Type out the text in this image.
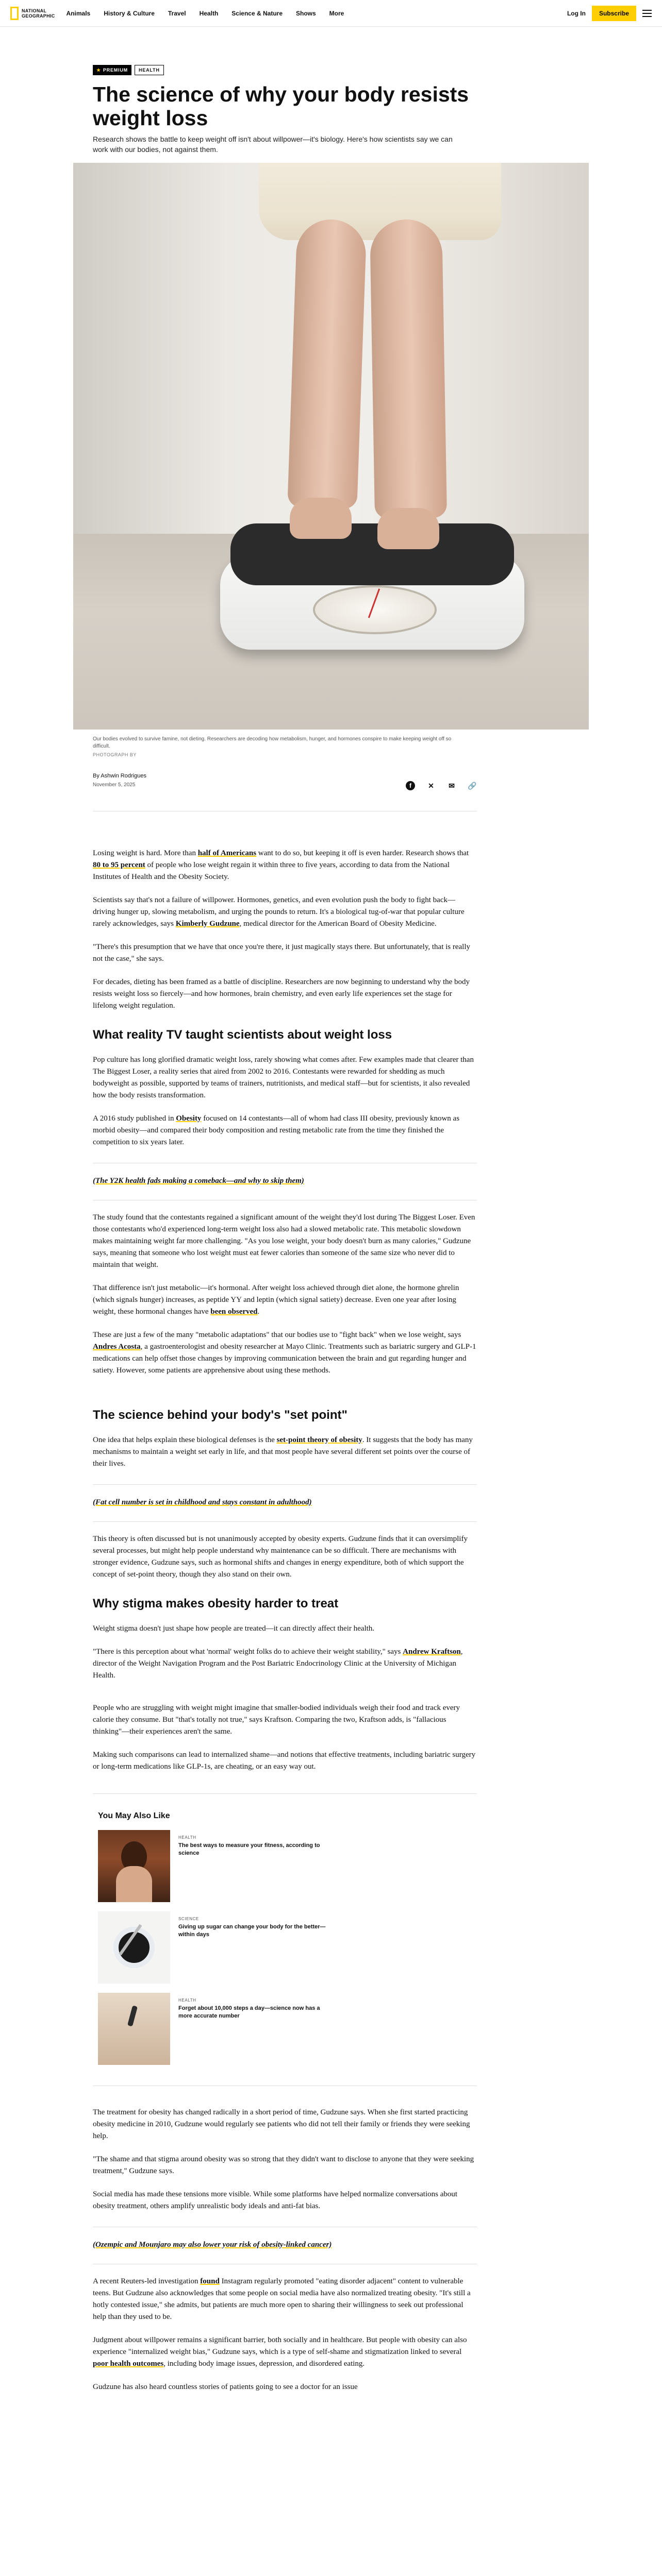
NATIONAL
GEOGRAPHIC Animals History & Culture Travel Health Science & Nature Shows More	Log In	Subscribe
★ PREMIUM	HEALTH
The science of why your body resists weight loss

Research shows the battle to keep weight off isn't about willpower—it's biology. Here's how scientists say we can work with our bodies, not against them.

Our bodies evolved to survive famine, not dieting. Researchers are decoding how metabolism, hunger, and hormones conspire to make keeping weight off so difficult.

PHOTOGRAPH BY

By Ashwin Rodrigues
November 5, 2025	f	✕ ✉ 🔗

Losing weight is hard. More than half of Americans want to do so, but keeping it off is even harder. Research shows that 80 to 95 percent of people who lose weight regain it within three to five years, according to data from the National Institutes of Health and the Obesity Society.

Scientists say that's not a failure of willpower. Hormones, genetics, and even evolution push the body to fight back—driving hunger up, slowing metabolism, and urging the pounds to return. It's a biological tug-of-war that popular culture rarely acknowledges, says Kimberly Gudzune, medical director for the American Board of Obesity Medicine.

"There's this presumption that we have that once you're there, it just magically stays there. But unfortunately, that is really not the case," she says.

For decades, dieting has been framed as a battle of discipline. Researchers are now beginning to understand why the body resists weight loss so fiercely—and how hormones, brain chemistry, and even early life experiences set the stage for lifelong weight regulation.

What reality TV taught scientists about weight loss

Pop culture has long glorified dramatic weight loss, rarely showing what comes after. Few examples made that clearer than The Biggest Loser, a reality series that aired from 2002 to 2016. Contestants were rewarded for shedding as much bodyweight as possible, supported by teams of trainers, nutritionists, and medical staff—but for scientists, it also revealed how the body resists transformation.

A 2016 study published in Obesity focused on 14 contestants—all of whom had class III obesity, previously known as morbid obesity—and compared their body composition and resting metabolic rate from the time they finished the competition to six years later.

(The Y2K health fads making a comeback—and why to skip them)

The study found that the contestants regained a significant amount of the weight they'd lost during The Biggest Loser. Even those contestants who'd experienced long-term weight loss also had a slowed metabolic rate. This metabolic slowdown makes maintaining weight far more challenging. "As you lose weight, your body doesn't burn as many calories," Gudzune says, meaning that someone who lost weight must eat fewer calories than someone of the same size who never did to maintain that weight.

That difference isn't just metabolic—it's hormonal. After weight loss achieved through diet alone, the hormone ghrelin (which signals hunger) increases, as peptide YY and leptin (which signal satiety) decrease. Even one year after losing weight, these hormonal changes have been observed.

These are just a few of the many "metabolic adaptations" that our bodies use to "fight back" when we lose weight, says Andres Acosta, a gastroenterologist and obesity researcher at Mayo Clinic. Treatments such as bariatric surgery and GLP-1 medications can help offset those changes by improving communication between the brain and gut regarding hunger and satiety. However, some patients are apprehensive about using these methods.

The science behind your body's "set point"

One idea that helps explain these biological defenses is the set-point theory of obesity. It suggests that the body has many mechanisms to maintain a weight set early in life, and that most people have several different set points over the course of their lives.

(Fat cell number is set in childhood and stays constant in adulthood)

This theory is often discussed but is not unanimously accepted by obesity experts. Gudzune finds that it can oversimplify several processes, but might help people understand why maintenance can be so difficult. There are mechanisms with stronger evidence, Gudzune says, such as hormonal shifts and changes in energy expenditure, both of which support the concept of set-point theory, though they also stand on their own.

Why stigma makes obesity harder to treat

Weight stigma doesn't just shape how people are treated—it can directly affect their health.

"There is this perception about what 'normal' weight folks do to achieve their weight stability," says Andrew Kraftson, director of the Weight Navigation Program and the Post Bariatric Endocrinology Clinic at the University of Michigan Health.

People who are struggling with weight might imagine that smaller-bodied individuals weigh their food and track every calorie they consume. But "that's totally not true," says Kraftson. Comparing the two, Kraftson adds, is "fallacious thinking"—their experiences aren't the same.

Making such comparisons can lead to internalized shame—and notions that effective treatments, including bariatric surgery or long-term medications like GLP-1s, are cheating, or an easy way out.

You May Also Like
HEALTH
The best ways to measure your fitness, according to science
SCIENCE
Giving up sugar can change your body for the better—within days
HEALTH
Forget about 10,000 steps a day—science now has a more accurate number

The treatment for obesity has changed radically in a short period of time, Gudzune says. When she first started practicing obesity medicine in 2010, Gudzune would regularly see patients who did not tell their family or friends they were seeking help.

"The shame and that stigma around obesity was so strong that they didn't want to disclose to anyone that they were seeking treatment," Gudzune says.

Social media has made these tensions more visible. While some platforms have helped normalize conversations about obesity treatment, others amplify unrealistic body ideals and anti-fat bias.

(Ozempic and Mounjaro may also lower your risk of obesity-linked cancer)

A recent Reuters-led investigation found Instagram regularly promoted "eating disorder adjacent" content to vulnerable teens. But Gudzune also acknowledges that some people on social media have also normalized treating obesity. "It's still a hotly contested issue," she admits, but patients are much more open to sharing their willingness to seek out professional help than they used to be.

Judgment about willpower remains a significant barrier, both socially and in healthcare. But people with obesity can also experience "internalized weight bias," Gudzune says, which is a type of self-shame and stigmatization linked to several poor health outcomes, including body image issues, depression, and disordered eating.

Gudzune has also heard countless stories of patients going to see a doctor for an issue
